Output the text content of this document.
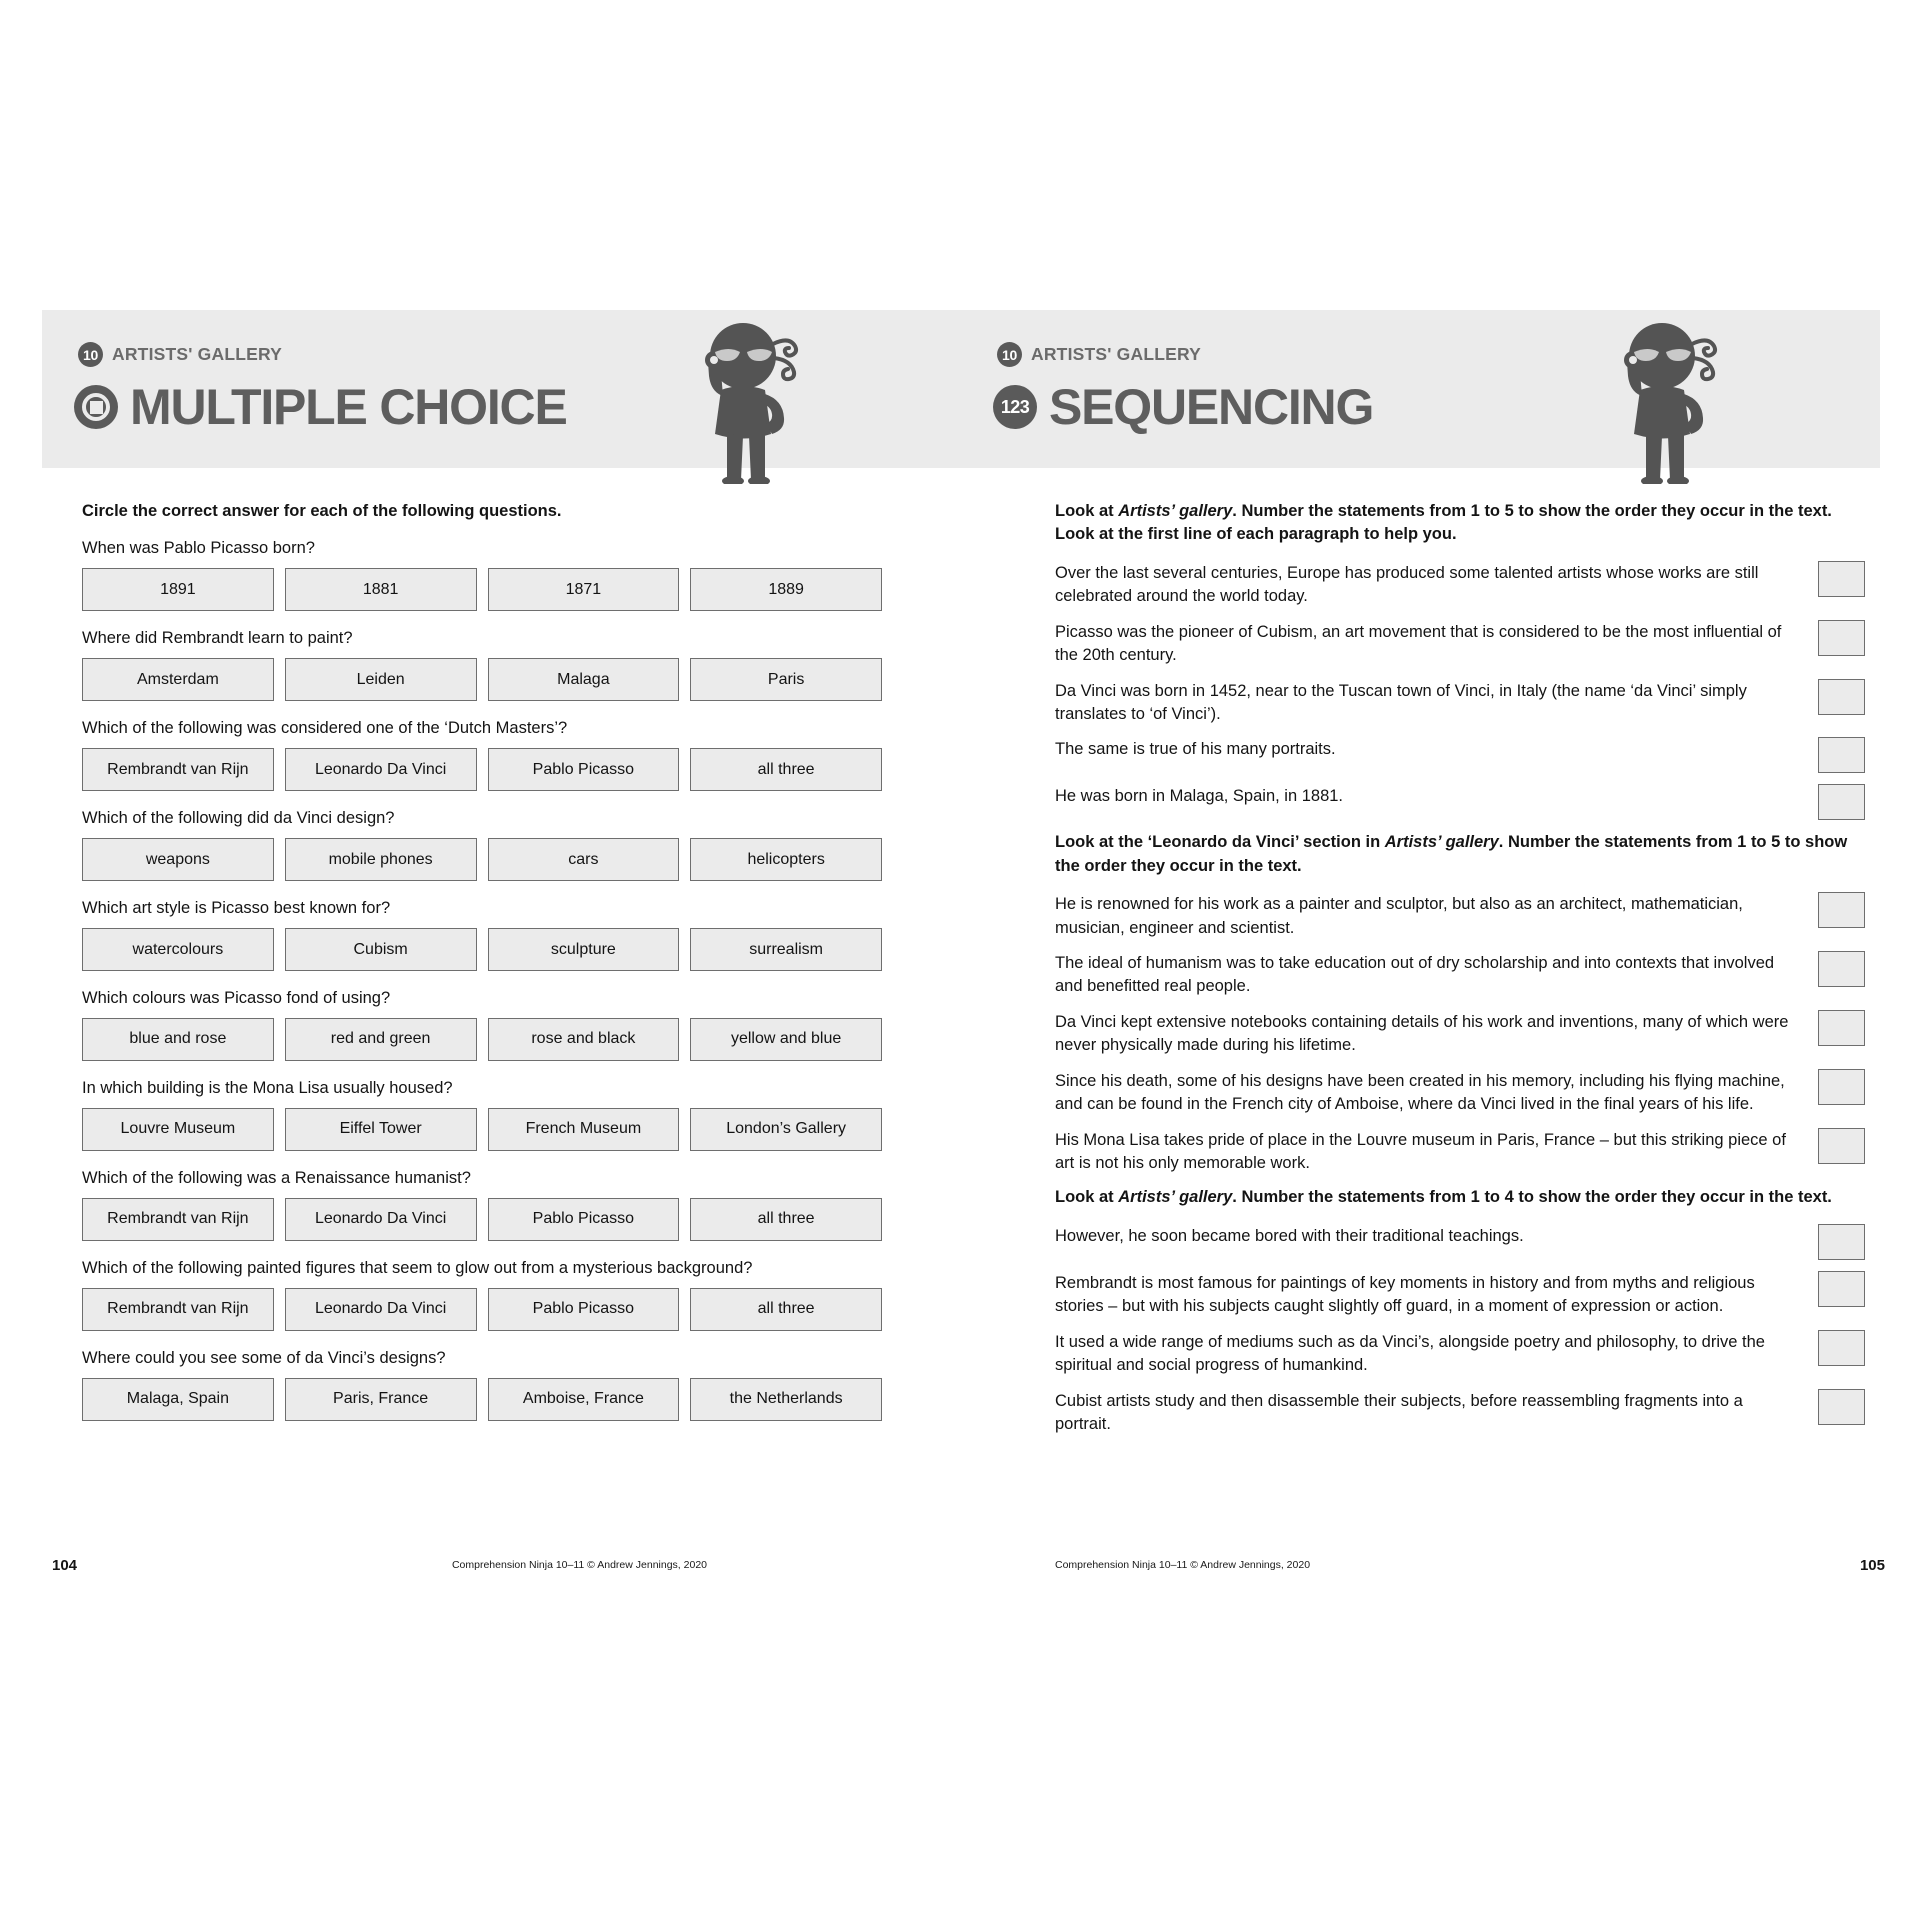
10 ARTISTS' GALLERY
MULTIPLE CHOICE
10 ARTISTS' GALLERY
123 SEQUENCING
Circle the correct answer for each of the following questions.
When was Pablo Picasso born?
1891	1881	1871	1889
Where did Rembrandt learn to paint?
Amsterdam	Leiden	Malaga	Paris
Which of the following was considered one of the ‘Dutch Masters’?
Rembrandt van Rijn	Leonardo Da Vinci	Pablo Picasso	all three
Which of the following did da Vinci design?
weapons	mobile phones	cars	helicopters
Which art style is Picasso best known for?
watercolours	Cubism	sculpture	surrealism
Which colours was Picasso fond of using?
blue and rose	red and green	rose and black	yellow and blue
In which building is the Mona Lisa usually housed?
Louvre Museum	Eiffel Tower	French Museum	London’s Gallery
Which of the following was a Renaissance humanist?
Rembrandt van Rijn	Leonardo Da Vinci	Pablo Picasso	all three
Which of the following painted figures that seem to glow out from a mysterious background?
Rembrandt van Rijn	Leonardo Da Vinci	Pablo Picasso	all three
Where could you see some of da Vinci’s designs?
Malaga, Spain	Paris, France	Amboise, France	the Netherlands
Look at Artists’ gallery. Number the statements from 1 to 5 to show the order they occur in the text. Look at the first line of each paragraph to help you.
Over the last several centuries, Europe has produced some talented artists whose works are still celebrated around the world today.
Picasso was the pioneer of Cubism, an art movement that is considered to be the most influential of the 20th century.
Da Vinci was born in 1452, near to the Tuscan town of Vinci, in Italy (the name ‘da Vinci’ simply translates to ‘of Vinci’).
The same is true of his many portraits.
He was born in Malaga, Spain, in 1881.
Look at the ‘Leonardo da Vinci’ section in Artists’ gallery. Number the statements from 1 to 5 to show the order they occur in the text.
He is renowned for his work as a painter and sculptor, but also as an architect, mathematician, musician, engineer and scientist.
The ideal of humanism was to take education out of dry scholarship and into contexts that involved and benefitted real people.
Da Vinci kept extensive notebooks containing details of his work and inventions, many of which were never physically made during his lifetime.
Since his death, some of his designs have been created in his memory, including his flying machine, and can be found in the French city of Amboise, where da Vinci lived in the final years of his life.
His Mona Lisa takes pride of place in the Louvre museum in Paris, France – but this striking piece of art is not his only memorable work.
Look at Artists’ gallery. Number the statements from 1 to 4 to show the order they occur in the text.
However, he soon became bored with their traditional teachings.
Rembrandt is most famous for paintings of key moments in history and from myths and religious stories – but with his subjects caught slightly off guard, in a moment of expression or action.
It used a wide range of mediums such as da Vinci’s, alongside poetry and philosophy, to drive the spiritual and social progress of humankind.
Cubist artists study and then disassemble their subjects, before reassembling fragments into a portrait.
104	Comprehension Ninja 10–11 © Andrew Jennings, 2020	Comprehension Ninja 10–11 © Andrew Jennings, 2020	105
